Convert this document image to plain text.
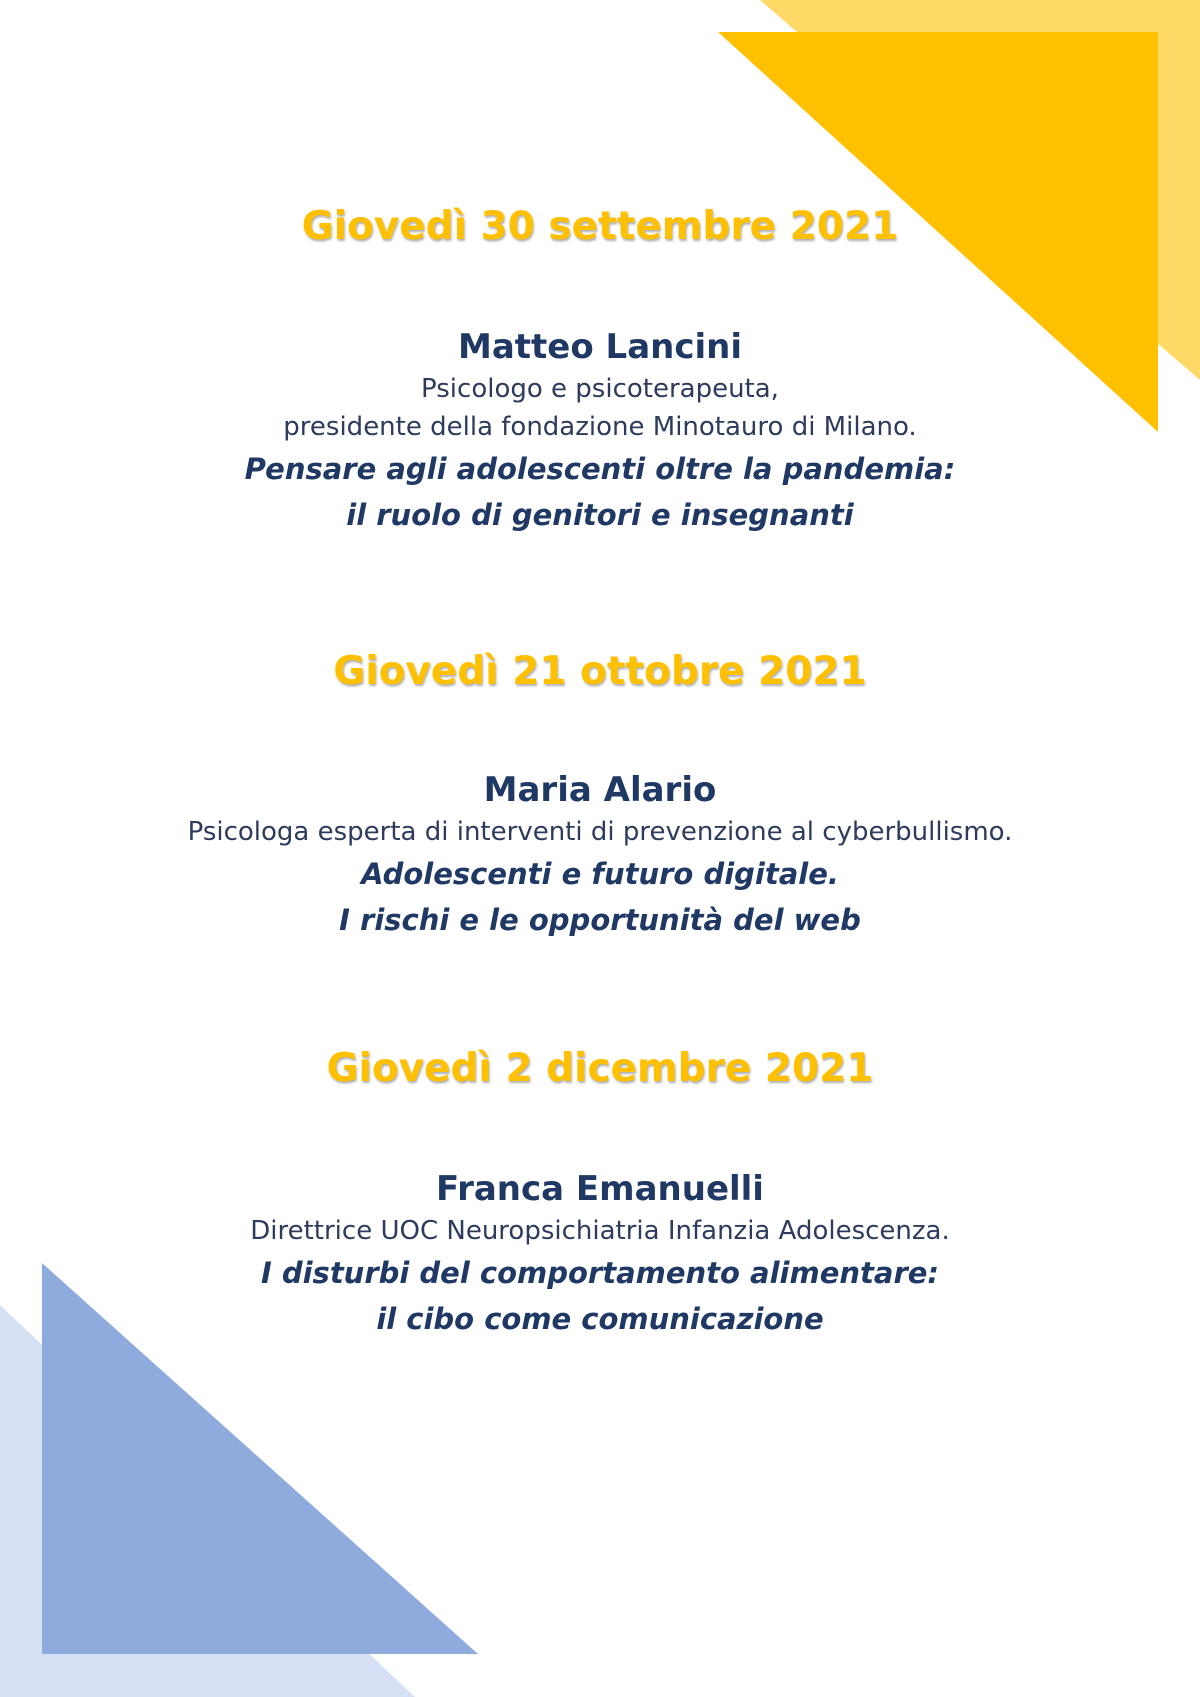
Giovedì 30 settembre 2021
Matteo Lancini
Psicologo e psicoterapeuta,
presidente della fondazione Minotauro di Milano.
Pensare agli adolescenti oltre la pandemia:
il ruolo di genitori e insegnanti
Giovedì 21 ottobre 2021
Maria Alario
Psicologa esperta di interventi di prevenzione al cyberbullismo.
Adolescenti e futuro digitale.
I rischi e le opportunità del web
Giovedì 2 dicembre 2021
Franca Emanuelli
Direttrice UOC Neuropsichiatria Infanzia Adolescenza.
I disturbi del comportamento alimentare:
il cibo come comunicazione
